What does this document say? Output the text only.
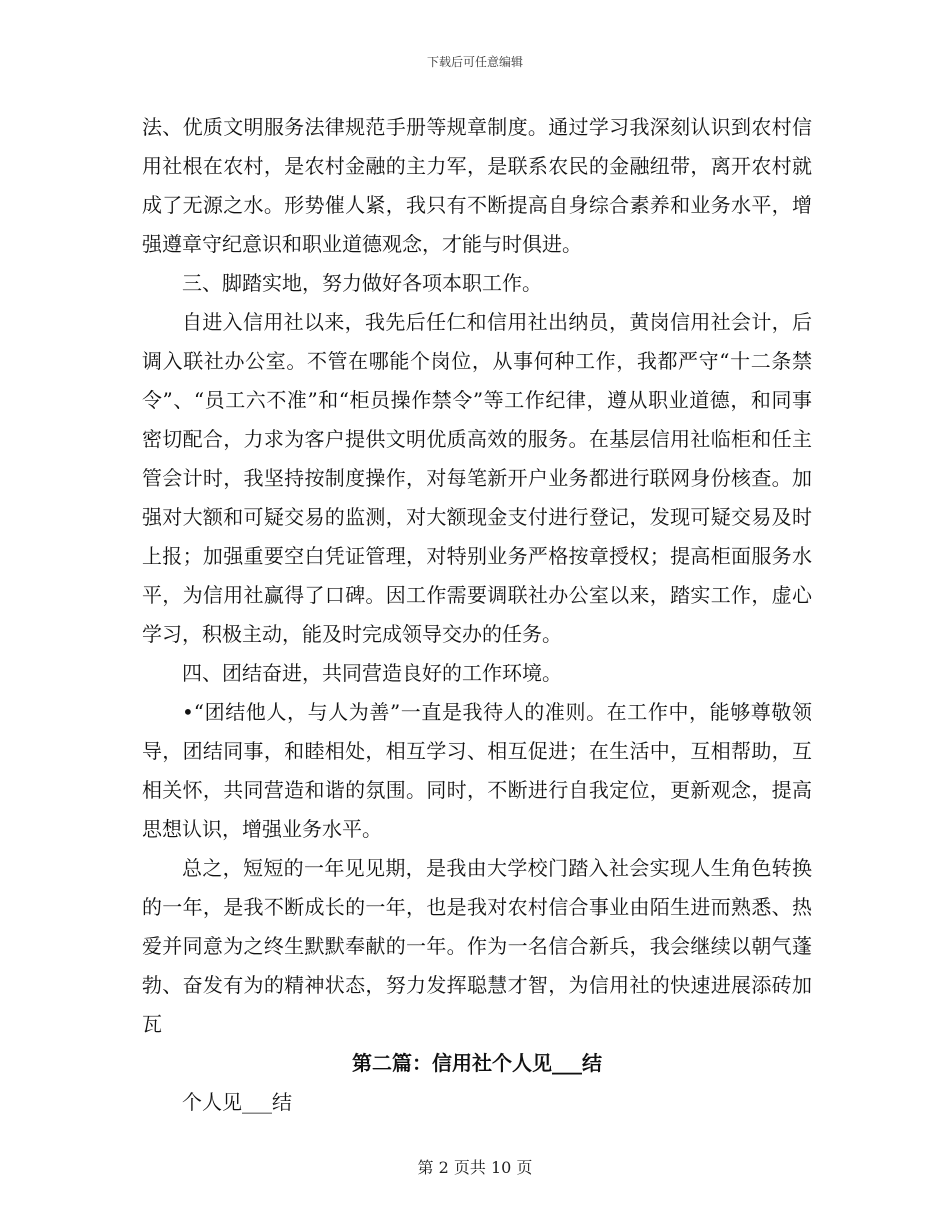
下载后可任意编辑

法、优质文明服务法律规范手册等规章制度。通过学习我深刻认识到农村信用社根在农村，是农村金融的主力军，是联系农民的金融纽带，离开农村就成了无源之水。形势催人紧，我只有不断提高自身综合素养和业务水平，增强遵章守纪意识和职业道德观念，才能与时俱进。

三、脚踏实地，努力做好各项本职工作。

自进入信用社以来，我先后任仁和信用社出纳员，黄岗信用社会计，后调入联社办公室。不管在哪能个岗位，从事何种工作，我都严守“十二条禁令”、“员工六不准”和“柜员操作禁令”等工作纪律，遵从职业道德，和同事密切配合，力求为客户提供文明优质高效的服务。在基层信用社临柜和任主管会计时，我坚持按制度操作，对每笔新开户业务都进行联网身份核查。加强对大额和可疑交易的监测，对大额现金支付进行登记，发现可疑交易及时上报；加强重要空白凭证管理，对特别业务严格按章授权；提高柜面服务水平，为信用社赢得了口碑。因工作需要调联社办公室以来，踏实工作，虚心学习，积极主动，能及时完成领导交办的任务。

四、团结奋进，共同营造良好的工作环境。

•“团结他人，与人为善”一直是我待人的准则。在工作中，能够尊敬领导，团结同事，和睦相处，相互学习、相互促进；在生活中，互相帮助，互相关怀，共同营造和谐的氛围。同时，不断进行自我定位，更新观念，提高思想认识，增强业务水平。

总之，短短的一年见见期，是我由大学校门踏入社会实现人生角色转换的一年，是我不断成长的一年，也是我对农村信合事业由陌生进而熟悉、热爱并同意为之终生默默奉献的一年。作为一名信合新兵，我会继续以朝气蓬勃、奋发有为的精神状态，努力发挥聪慧才智，为信用社的快速进展添砖加瓦

第二篇：信用社个人见___结

个人见___结

第 2 页共 10 页
